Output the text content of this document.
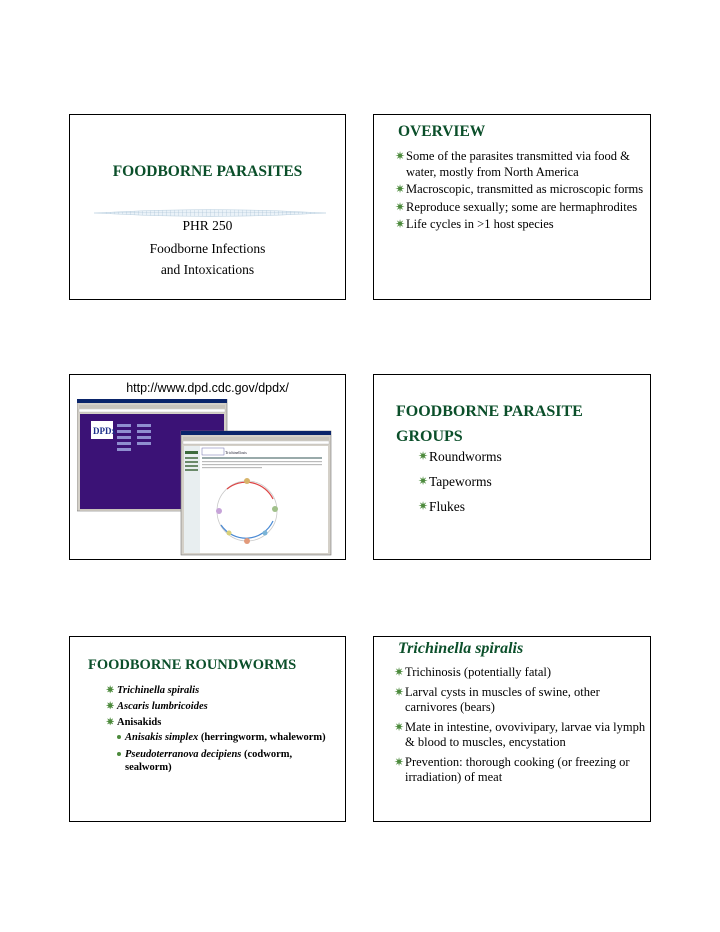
FOODBORNE PARASITES
PHR 250
Foodborne Infections
and Intoxications
OVERVIEW
✷ Some of the parasites transmitted via food & water, mostly from North America
✷ Macroscopic, transmitted as microscopic forms
✷ Reproduce sexually; some are hermaphrodites
✷ Life cycles in >1 host species
http://www.dpd.cdc.gov/dpdx/
DPDx
Trichinellosis
FOODBORNE PARASITE GROUPS
✷ Roundworms
✷ Tapeworms
✷ Flukes
FOODBORNE ROUNDWORMS
✷ Trichinella spiralis
✷ Ascaris lumbricoides
✷ Anisakids
Anisakis simplex (herringworm, whaleworm)
Pseudoterranova decipiens (codworm, sealworm)
Trichinella spiralis
✷ Trichinosis (potentially fatal)
✷ Larval cysts in muscles of swine, other carnivores (bears)
✷ Mate in intestine, ovovivipary, larvae via lymph & blood to muscles, encystation
✷ Prevention: thorough cooking (or freezing or irradiation) of meat
